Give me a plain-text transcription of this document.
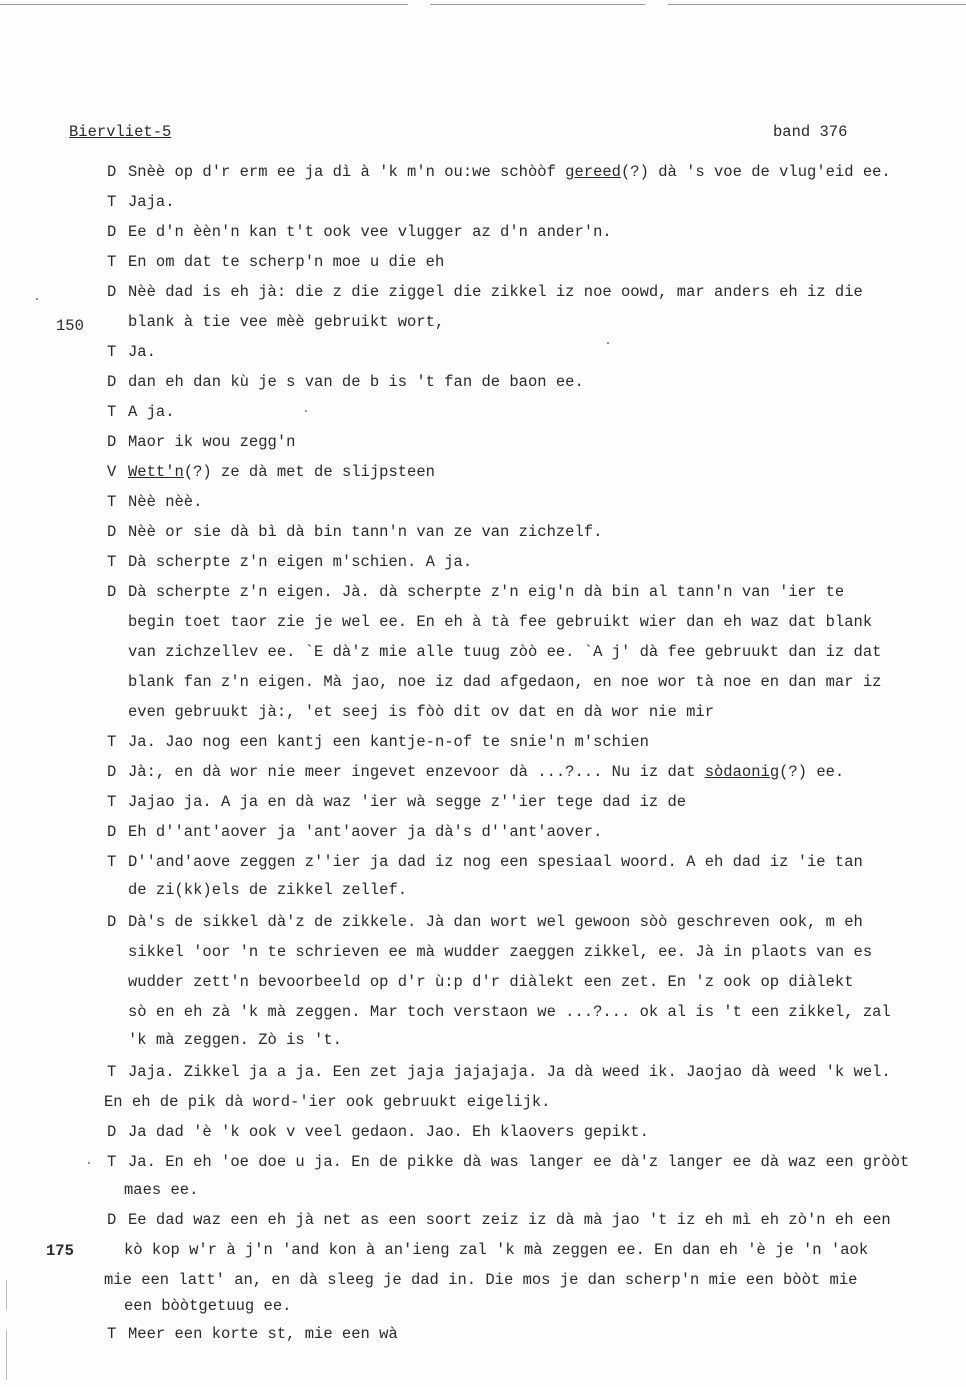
Biervliet-5	band 376
150
175
D Snèè op d'r erm ee ja dì à 'k m'n ou:we schòòf gereed(?) dà 's voe de vlug'eid ee.
T Jaja.
D Ee d'n èèn'n kan t't ook vee vlugger az d'n ander'n.
T En om dat te scherp'n moe u die eh
D Nèè dad is eh jà: die z die ziggel die zikkel iz noe oowd, mar anders eh iz die
blank à tie vee mèè gebruikt wort,
T Ja.
D dan eh dan kù je s van de b is 't fan de baon ee.
T A ja.
D Maor ik wou zegg'n
V Wett'n(?) ze dà met de slijpsteen
T Nèè nèè.
D Nèè or sie dà bì dà bin tann'n van ze van zichzelf.
T Dà scherpte z'n eigen m'schien. A ja.
D Dà scherpte z'n eigen. Jà. dà scherpte z'n eig'n dà bin al tann'n van 'ier te
begin toet taor zie je wel ee. En eh à tà fee gebruikt wier dan eh waz dat blank
van zichzellev ee. `E dà'z mie alle tuug zòò ee. `A j' dà fee gebruukt dan iz dat
blank fan z'n eigen. Mà jao, noe iz dad afgedaon, en noe wor tà noe en dan mar iz
even gebruukt jà:, 'et seej is fòò dit ov dat en dà wor nie mir
T Ja. Jao nog een kantj een kantje-n-of te snie'n m'schien
D Jà:, en dà wor nie meer ingevet enzevoor dà ...?... Nu iz dat sòdaonig(?) ee.
T Jajao ja. A ja en dà waz 'ier wà segge z''ier tege dad iz de
D Eh d''ant'aover ja 'ant'aover ja dà's d''ant'aover.
T D''and'aove zeggen z''ier ja dad iz nog een spesiaal woord. A eh dad iz 'ie tan
de zi(kk)els de zikkel zellef.
D Dà's de sikkel dà'z de zikkele. Jà dan wort wel gewoon sòò geschreven ook, m eh
sikkel 'oor 'n te schrieven ee mà wudder zaeggen zikkel, ee. Jà in plaots van es
wudder zett'n bevoorbeeld op d'r ù:p d'r diàlekt een zet. En 'z ook op diàlekt
sò en eh zà 'k mà zeggen. Mar toch verstaon we ...?... ok al is 't een zikkel, zal
'k mà zeggen. Zò is 't.
T Jaja. Zikkel ja a ja. Een zet jaja jajajaja. Ja dà weed ik. Jaojao dà weed 'k wel.
En eh de pik dà word-'ier ook gebruukt eigelijk.
D Ja dad 'è 'k ook v veel gedaon. Jao. Eh klaovers gepikt.
T Ja. En eh 'oe doe u ja. En de pikke dà was langer ee dà'z langer ee dà waz een gròòt
maes ee.
D Ee dad waz een eh jà net as een soort zeiz iz dà mà jao 't iz eh mì eh zò'n eh een
kò kop w'r à j'n 'and kon à an'ieng zal 'k mà zeggen ee. En dan eh 'è je 'n 'aok
mie een latt' an, en dà sleeg je dad in. Die mos je dan scherp'n mie een bòòt mie
een bòòtgetuug ee.
T Meer een korte st, mie een wà
